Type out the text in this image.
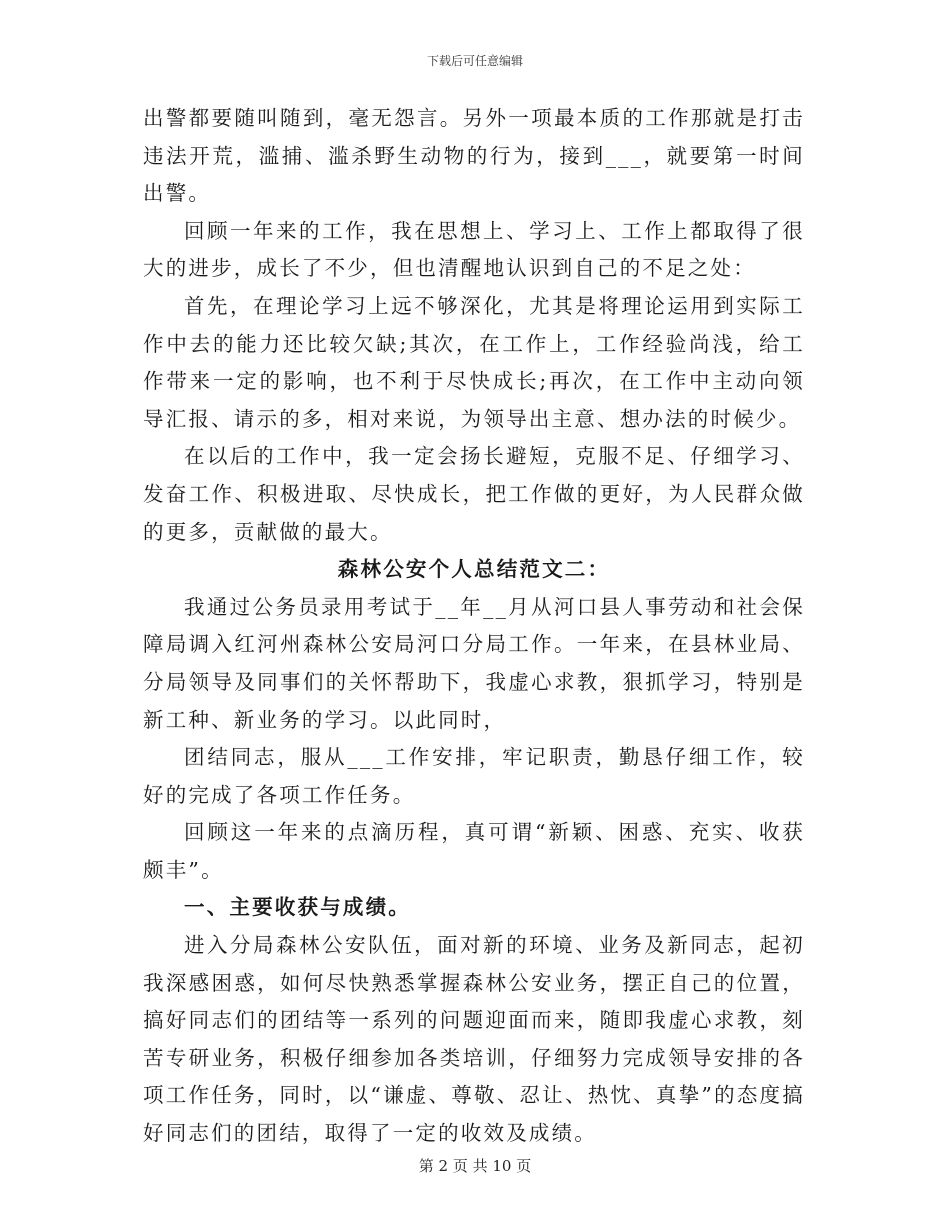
下载后可任意编辑

出警都要随叫随到，毫无怨言。另外一项最本质的工作那就是打击违法开荒，滥捕、滥杀野生动物的行为，接到___，就要第一时间出警。

回顾一年来的工作，我在思想上、学习上、工作上都取得了很大的进步，成长了不少，但也清醒地认识到自己的不足之处：

首先，在理论学习上远不够深化，尤其是将理论运用到实际工作中去的能力还比较欠缺;其次，在工作上，工作经验尚浅，给工作带来一定的影响，也不利于尽快成长;再次，在工作中主动向领导汇报、请示的多，相对来说，为领导出主意、想办法的时候少。

在以后的工作中，我一定会扬长避短，克服不足、仔细学习、发奋工作、积极进取、尽快成长，把工作做的更好，为人民群众做的更多，贡献做的最大。

森林公安个人总结范文二：

我通过公务员录用考试于__年__月从河口县人事劳动和社会保障局调入红河州森林公安局河口分局工作。一年来，在县林业局、分局领导及同事们的关怀帮助下，我虚心求教，狠抓学习，特别是新工种、新业务的学习。以此同时，

团结同志，服从___工作安排，牢记职责，勤恳仔细工作，较好的完成了各项工作任务。

回顾这一年来的点滴历程，真可谓“新颖、困惑、充实、收获颇丰”。

一、主要收获与成绩。

进入分局森林公安队伍，面对新的环境、业务及新同志，起初我深感困惑，如何尽快熟悉掌握森林公安业务，摆正自己的位置，搞好同志们的团结等一系列的问题迎面而来，随即我虚心求教，刻苦专研业务，积极仔细参加各类培训，仔细努力完成领导安排的各项工作任务，同时，以“谦虚、尊敬、忍让、热忱、真挚”的态度搞好同志们的团结，取得了一定的收效及成绩。

第 2 页 共 10 页
